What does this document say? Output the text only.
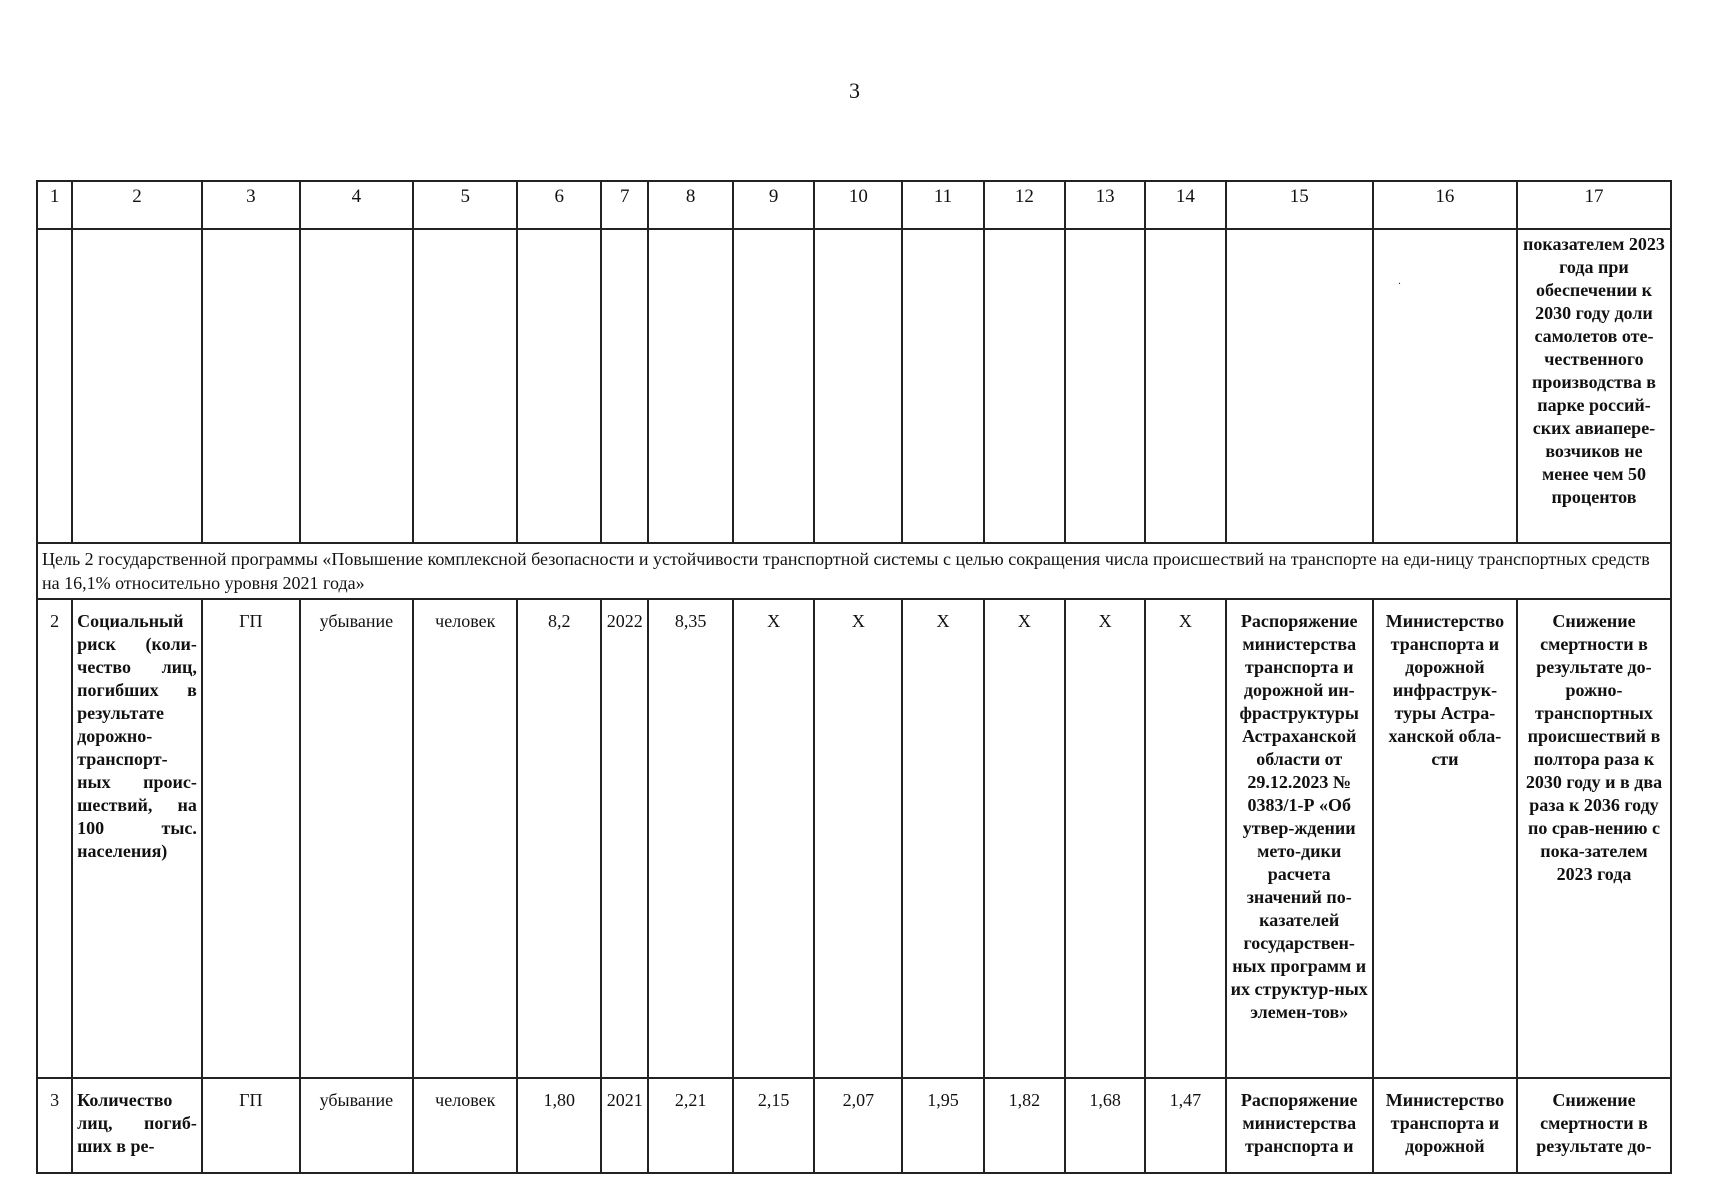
3
1	2	3	4	5	6	7	8	9	10	11	12	13	14	15	16	17
															·	показателем 2023 года при обеспечении к 2030 году доли самолетов оте-чественного производства в парке россий-ских авиапере-возчиков не менее чем 50 процентов
Цель 2 государственной программы «Повышение комплексной безопасности и устойчивости транспортной системы с целью сокращения числа происшествий на транспорте на еди-ницу транспортных средств на 16,1% относительно уровня 2021 года»																
2	Социальный риск (коли-чество лиц, погибших в результате дорожно-транспорт-ных проис-шествий, на 100 тыс. населения)	ГП	убывание	человек	8,2	2022	8,35	X	X	X	X	X	X	Распоряжение министерства транспорта и дорожной ин-фраструктуры Астраханской области от 29.12.2023 № 0383/1-Р «Об утвер-ждении мето-дики расчета значений по-казателей государствен-ных программ и их структур-ных элемен-тов»	Министерство транспорта и дорожной инфраструк-туры Астра-ханской обла-сти	Снижение смертности в результате до-рожно-транспортных происшествий в полтора раза к 2030 году и в два раза к 2036 году по срав-нению с пока-зателем 2023 года
3	Количество лиц, погиб-ших в ре-	ГП	убывание	человек	1,80	2021	2,21	2,15	2,07	1,95	1,82	1,68	1,47	Распоряжение министерства транспорта и	Министерство транспорта и дорожной	Снижение смертности в результате до-
